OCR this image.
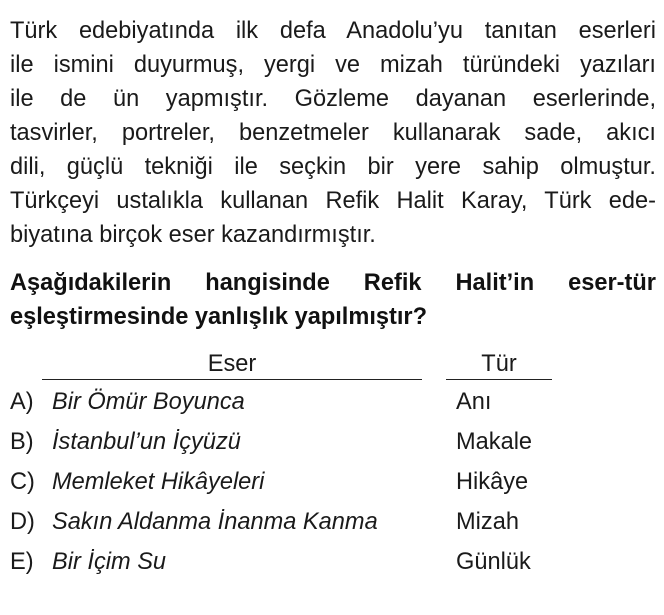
Türk edebiyatında ilk defa Anadolu’yu tanıtan eserleri
ile ismini duyurmuş, yergi ve mizah türündeki yazıları
ile de ün yapmıştır. Gözleme dayanan eserlerinde,
tasvirler, portreler, benzetmeler kullanarak sade, akıcı
dili, güçlü tekniği ile seçkin bir yere sahip olmuştur.
Türkçeyi ustalıkla kullanan Refik Halit Karay, Türk ede-
biyatına birçok eser kazandırmıştır.
Aşağıdakilerin hangisinde Refik Halit’in eser-tür
eşleştirmesinde yanlışlık yapılmıştır?
Eser	Tür
A) Bir Ömür Boyunca	Anı
B) İstanbul’un İçyüzü	Makale
C) Memleket Hikâyeleri	Hikâye
D) Sakın Aldanma İnanma Kanma	Mizah
E) Bir İçim Su	Günlük
